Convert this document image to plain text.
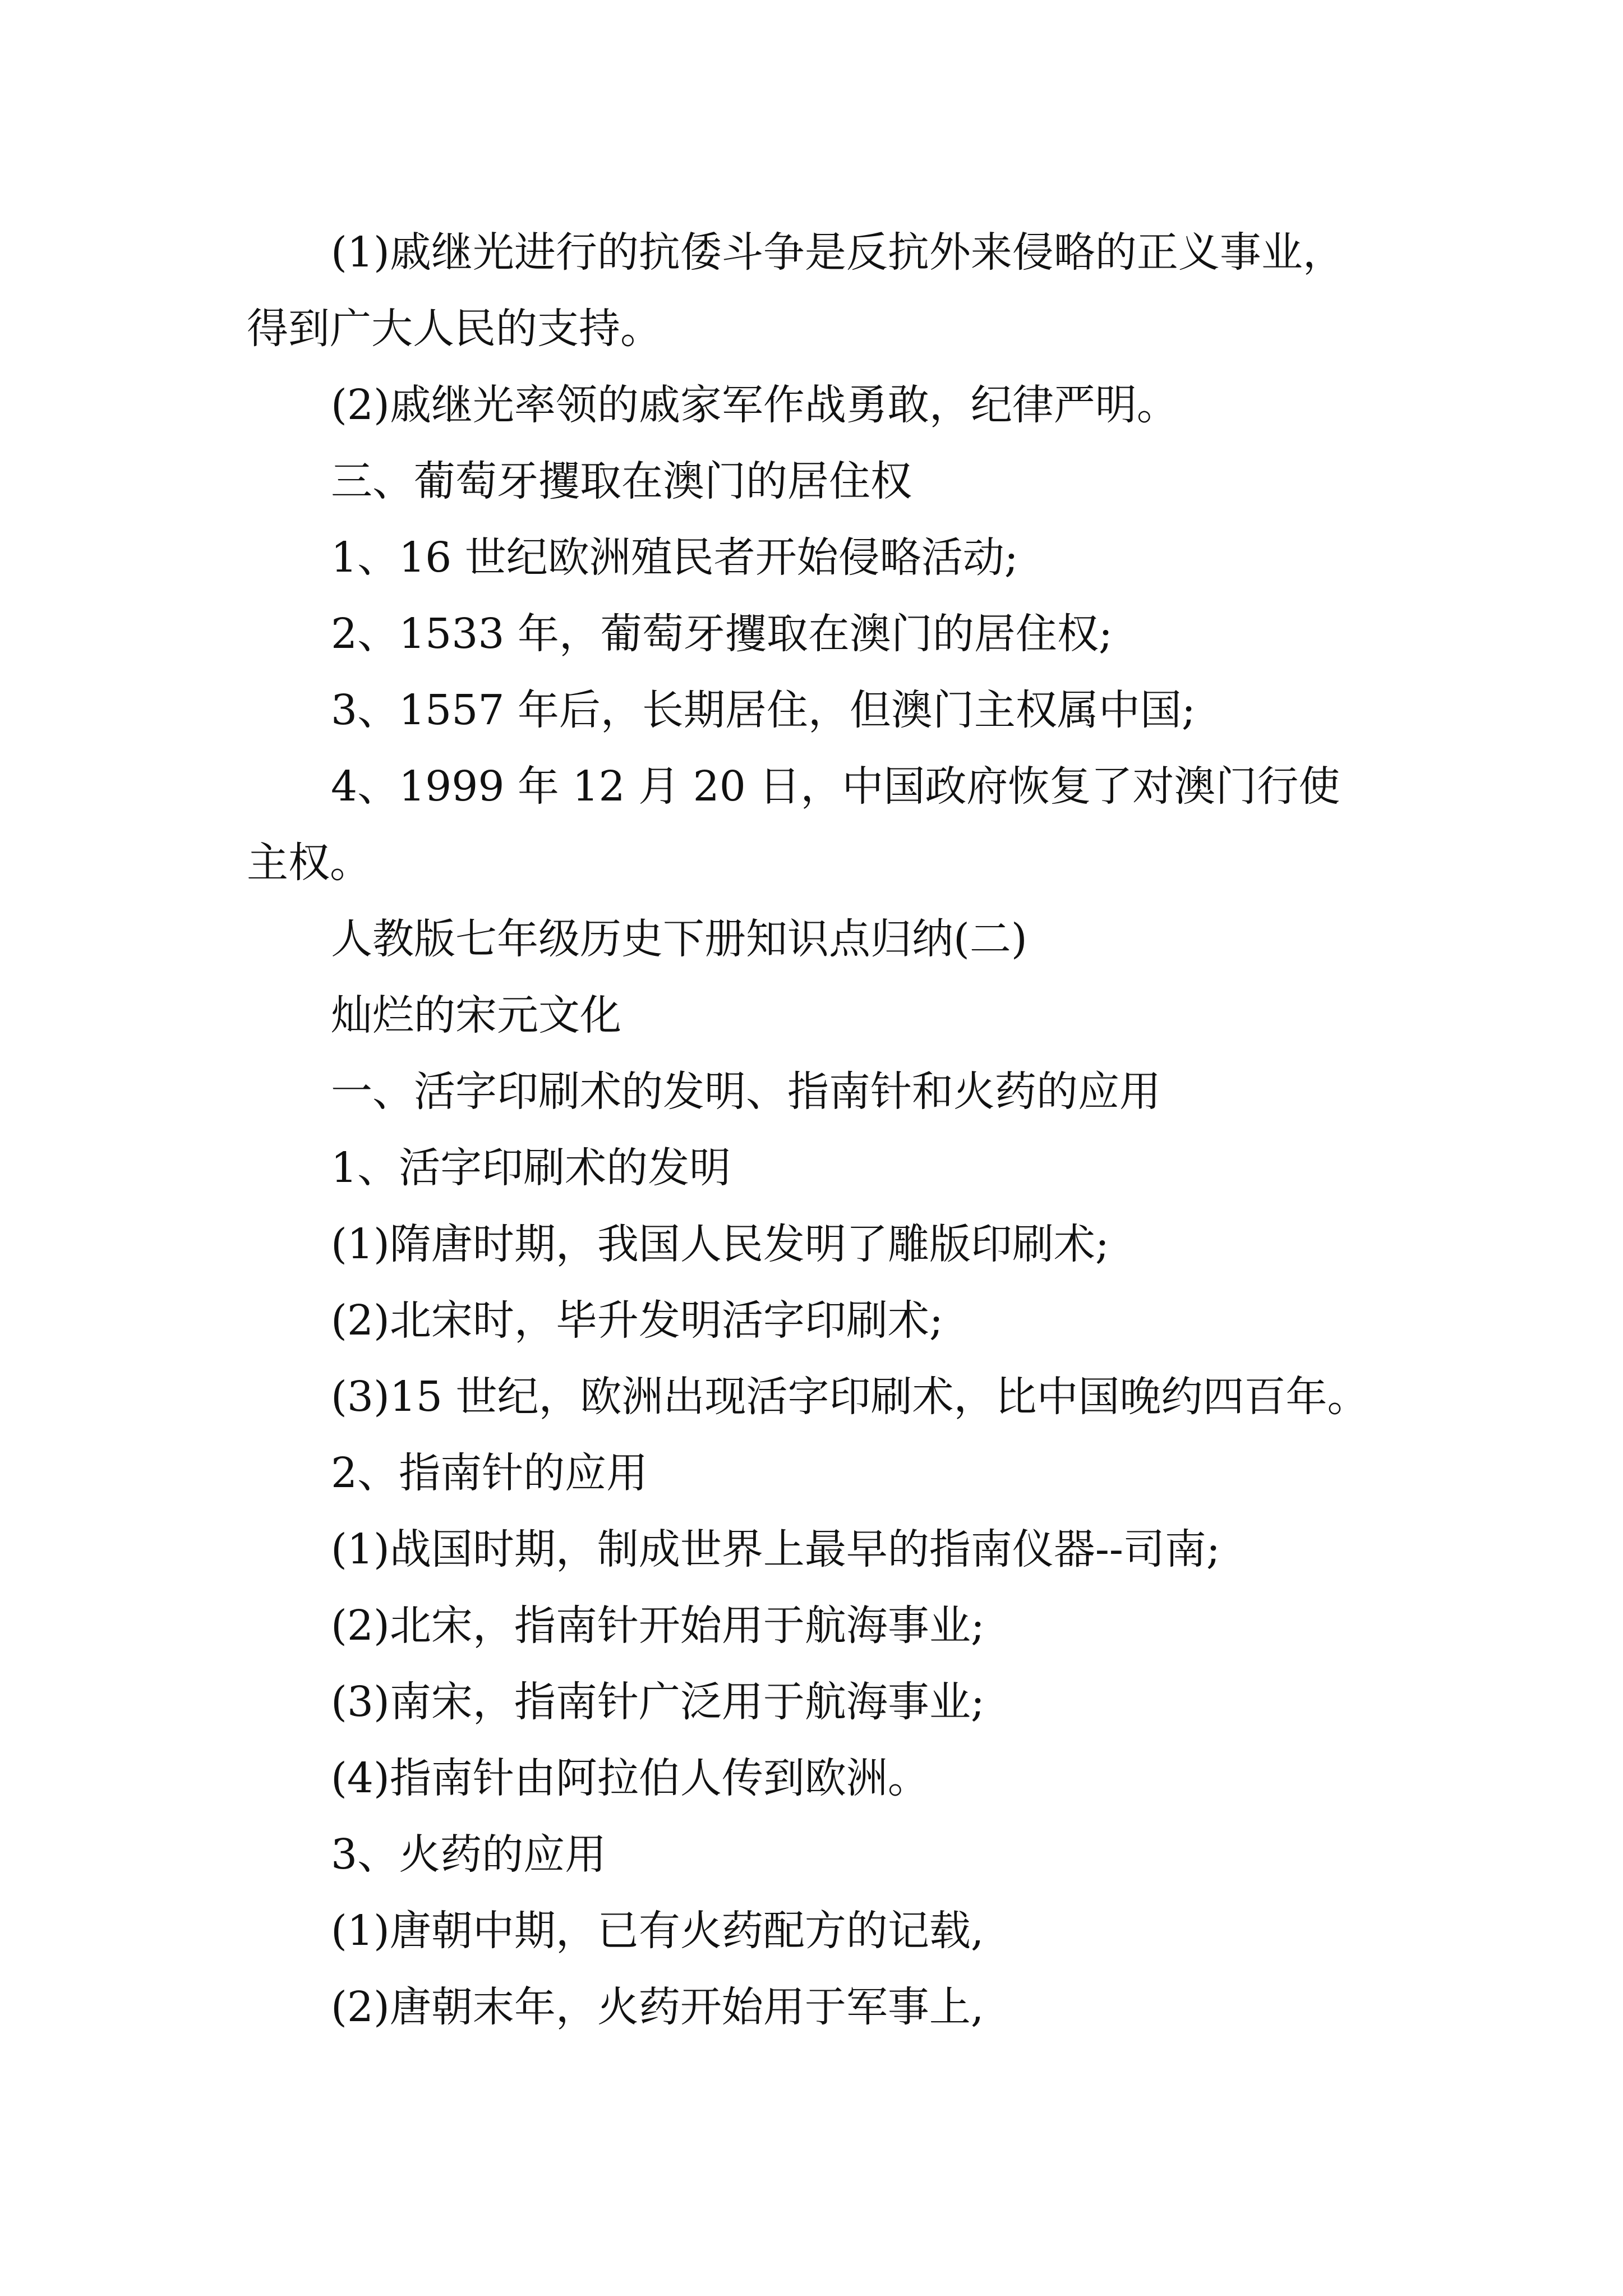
(1)戚继光进行的抗倭斗争是反抗外来侵略的正义事业，
得到广大人民的支持。
(2)戚继光率领的戚家军作战勇敢，纪律严明。
三、葡萄牙攫取在澳门的居住权
1、16 世纪欧洲殖民者开始侵略活动;
2、1533 年，葡萄牙攫取在澳门的居住权;
3、1557 年后，长期居住，但澳门主权属中国;
4、1999 年 12 月 20 日，中国政府恢复了对澳门行使
主权。
人教版七年级历史下册知识点归纳(二)
灿烂的宋元文化
一、活字印刷术的发明、指南针和火药的应用
1、活字印刷术的发明
(1)隋唐时期，我国人民发明了雕版印刷术;
(2)北宋时，毕升发明活字印刷术;
(3)15 世纪，欧洲出现活字印刷术，比中国晚约四百年。
2、指南针的应用
(1)战国时期，制成世界上最早的指南仪器--司南;
(2)北宋，指南针开始用于航海事业;
(3)南宋，指南针广泛用于航海事业;
(4)指南针由阿拉伯人传到欧洲。
3、火药的应用
(1)唐朝中期，已有火药配方的记载,
(2)唐朝末年，火药开始用于军事上,
